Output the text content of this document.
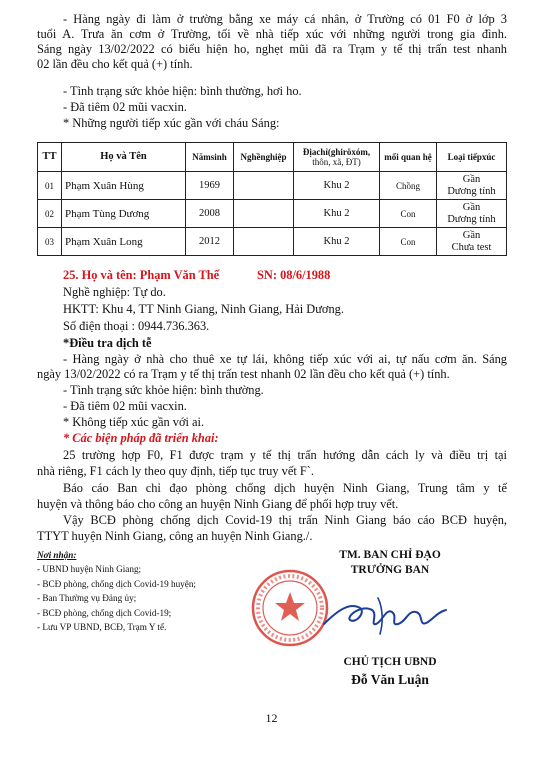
- Hàng ngày đi làm ở trường bằng xe máy cá nhân, ở Trường có 01 F0 ở lớp 3
tuổi A. Trưa ăn cơm ở Trường, tối về nhà tiếp xúc với những người trong gia đình.
Sáng ngày 13/02/2022 có biểu hiện ho, nghẹt mũi đã ra Trạm y tế thị trấn test nhanh
02 lần đều cho kết quả (+) tính.
- Tình trạng sức khỏe hiện: bình thường, hơi ho.
- Đã tiêm 02 mũi vacxin.
* Những người tiếp xúc gần với cháu Sáng:
TT	Họ và Tên	Nămsinh	Nghềnghiệp	Địachỉ(ghiröxóm,
thôn, xã, ĐT)	mối quan hệ	Loại tiếpxúc
01	Phạm Xuân Hùng	1969		Khu 2	Chồng	Gần
Dương tính
02	Phạm Tùng Dương	2008		Khu 2	Con	Gần
Dương tính
03	Phạm Xuân Long	2012		Khu 2	Con	Gần
Chưa test
25. Họ và tên: Phạm Văn Thế	SN: 08/6/1988
Nghề nghiệp: Tự do.
HKTT: Khu 4, TT Ninh Giang, Ninh Giang, Hải Dương.
Số điện thoại : 0944.736.363.
*Điều tra dịch tễ
- Hàng ngày ở nhà cho thuê xe tự lái, không tiếp xúc với ai, tự nấu cơm ăn. Sáng
ngày 13/02/2022 có ra Trạm y tế thị trấn test nhanh 02 lần đều cho kết quả (+) tính.
- Tình trạng sức khỏe hiện: bình thường.
- Đã tiêm 02 mũi vacxin.
* Không tiếp xúc gần với ai.
* Các biện pháp đã triển khai:
25 trường hợp F0, F1 được trạm y tế thị trấn hướng dẫn cách ly và điều trị tại
nhà riêng, F1 cách ly theo quy định, tiếp tục truy vết F`.
Báo cáo Ban chỉ đạo phòng chống dịch huyện Ninh Giang, Trung tâm y tế
huyện và thông báo cho công an huyện Ninh Giang để phối hợp truy vết.
Vậy BCĐ phòng chống dịch Covid-19 thị trấn Ninh Giang báo cáo BCĐ huyện,
TTYT huyện Ninh Giang, công an huyện Ninh Giang./.
Nơi nhận:
- UBND huyện Ninh Giang;
- BCĐ phòng, chống dịch Covid-19 huyện;
- Ban Thường vụ Đảng ủy;
- BCĐ phòng, chống dịch Covid-19;
- Lưu VP UBND, BCĐ, Trạm Y tế.
TM. BAN CHỈ ĐẠO
TRƯỞNG BAN
CHỦ TỊCH UBND
Đỗ Văn Luận
12
